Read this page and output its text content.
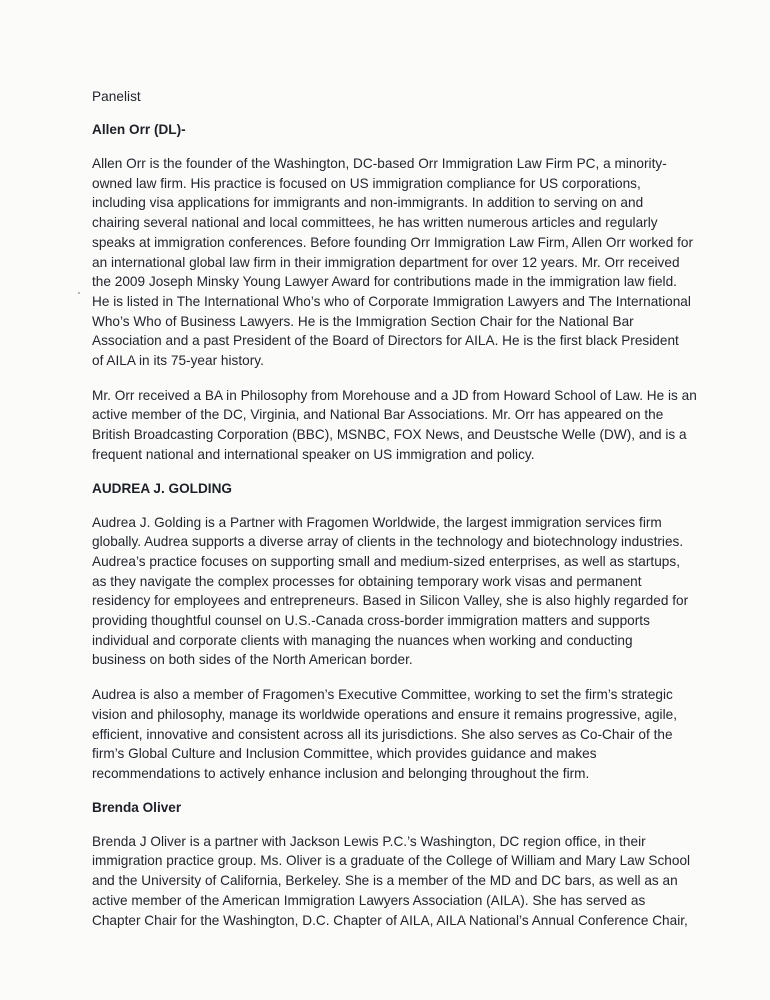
Panelist
Allen Orr (DL)-

Allen Orr is the founder of the Washington, DC-based Orr Immigration Law Firm PC, a minority-
owned law firm. His practice is focused on US immigration compliance for US corporations,
including visa applications for immigrants and non-immigrants. In addition to serving on and
chairing several national and local committees, he has written numerous articles and regularly
speaks at immigration conferences. Before founding Orr Immigration Law Firm, Allen Orr worked for
an international global law firm in their immigration department for over 12 years. Mr. Orr received
the 2009 Joseph Minsky Young Lawyer Award for contributions made in the immigration law field.
He is listed in The International Who’s who of Corporate Immigration Lawyers and The International
Who’s Who of Business Lawyers. He is the Immigration Section Chair for the National Bar
Association and a past President of the Board of Directors for AILA. He is the first black President
of AILA in its 75-year history.

Mr. Orr received a BA in Philosophy from Morehouse and a JD from Howard School of Law. He is an
active member of the DC, Virginia, and National Bar Associations. Mr. Orr has appeared on the
British Broadcasting Corporation (BBC), MSNBC, FOX News, and Deustsche Welle (DW), and is a
frequent national and international speaker on US immigration and policy.

AUDREA J. GOLDING

Audrea J. Golding is a Partner with Fragomen Worldwide, the largest immigration services firm
globally. Audrea supports a diverse array of clients in the technology and biotechnology industries.
Audrea’s practice focuses on supporting small and medium-sized enterprises, as well as startups,
as they navigate the complex processes for obtaining temporary work visas and permanent
residency for employees and entrepreneurs. Based in Silicon Valley, she is also highly regarded for
providing thoughtful counsel on U.S.-Canada cross-border immigration matters and supports
individual and corporate clients with managing the nuances when working and conducting
business on both sides of the North American border.

Audrea is also a member of Fragomen’s Executive Committee, working to set the firm’s strategic
vision and philosophy, manage its worldwide operations and ensure it remains progressive, agile,
efficient, innovative and consistent across all its jurisdictions. She also serves as Co-Chair of the
firm’s Global Culture and Inclusion Committee, which provides guidance and makes
recommendations to actively enhance inclusion and belonging throughout the firm.

Brenda Oliver

Brenda J Oliver is a partner with Jackson Lewis P.C.’s Washington, DC region office, in their
immigration practice group. Ms. Oliver is a graduate of the College of William and Mary Law School
and the University of California, Berkeley. She is a member of the MD and DC bars, as well as an
active member of the American Immigration Lawyers Association (AILA). She has served as
Chapter Chair for the Washington, D.C. Chapter of AILA, AILA National’s Annual Conference Chair,
